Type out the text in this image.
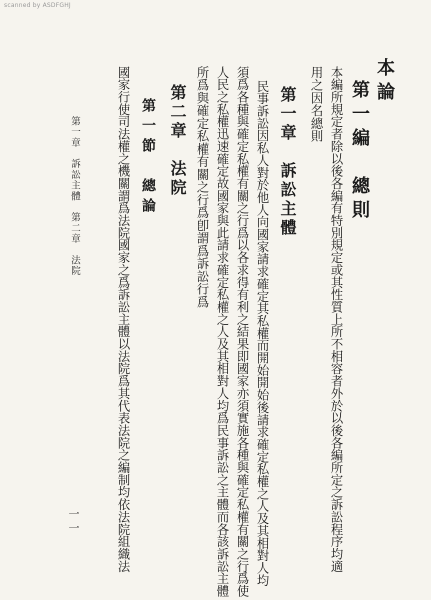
scanned by ASDFGHJ
本論
第一編　總則
本編所規定者除以後各編有特別規定或其性質上所不相容者外於以後各編所定之訴訟程序均適
用之因名總則
第一章　訴訟主體
民事訴訟因私人對於他人向國家請求確定其私權而開始開始後請求確定私權之人及其相對人均
須爲各種與確定私權有關之行爲以各求得有利之結果即國家亦須實施各種與確定私權有關之行爲使
人民之私權迅速確定故國家與此請求確定私權之人及其相對人均爲民事訴訟之主體而各該訴訟主體
所爲與確定私權有關之行爲卽謂爲訴訟行爲
第二章　法院
第一節　總論
國家行使司法權之機關謂爲法院國家之爲訴訟主體以法院爲其代表法院之編制均依法院組織法
第一章　訴訟主體　第二章　法院
一一
